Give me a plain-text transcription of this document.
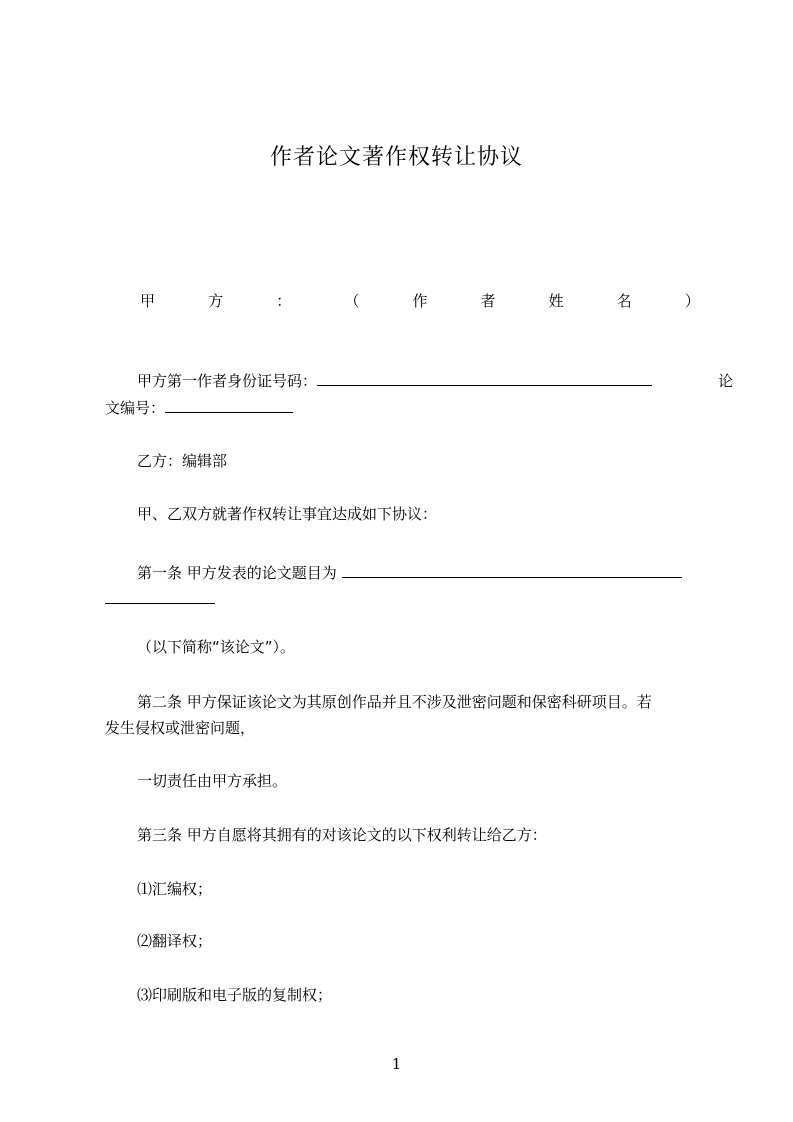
作者论文著作权转让协议
甲	方	：	（	作	者	姓	名	）
甲方第一作者身份证号码：	论
文编号：
乙方：编辑部
甲、乙双方就著作权转让事宜达成如下协议：
第一条 甲方发表的论文题目为
（以下简称“该论文”）。
第二条 甲方保证该论文为其原创作品并且不涉及泄密问题和保密科研项目。若
发生侵权或泄密问题，
一切责任由甲方承担。
第三条 甲方自愿将其拥有的对该论文的以下权利转让给乙方：
⑴汇编权；
⑵翻译权；
⑶印刷版和电子版的复制权；
1
